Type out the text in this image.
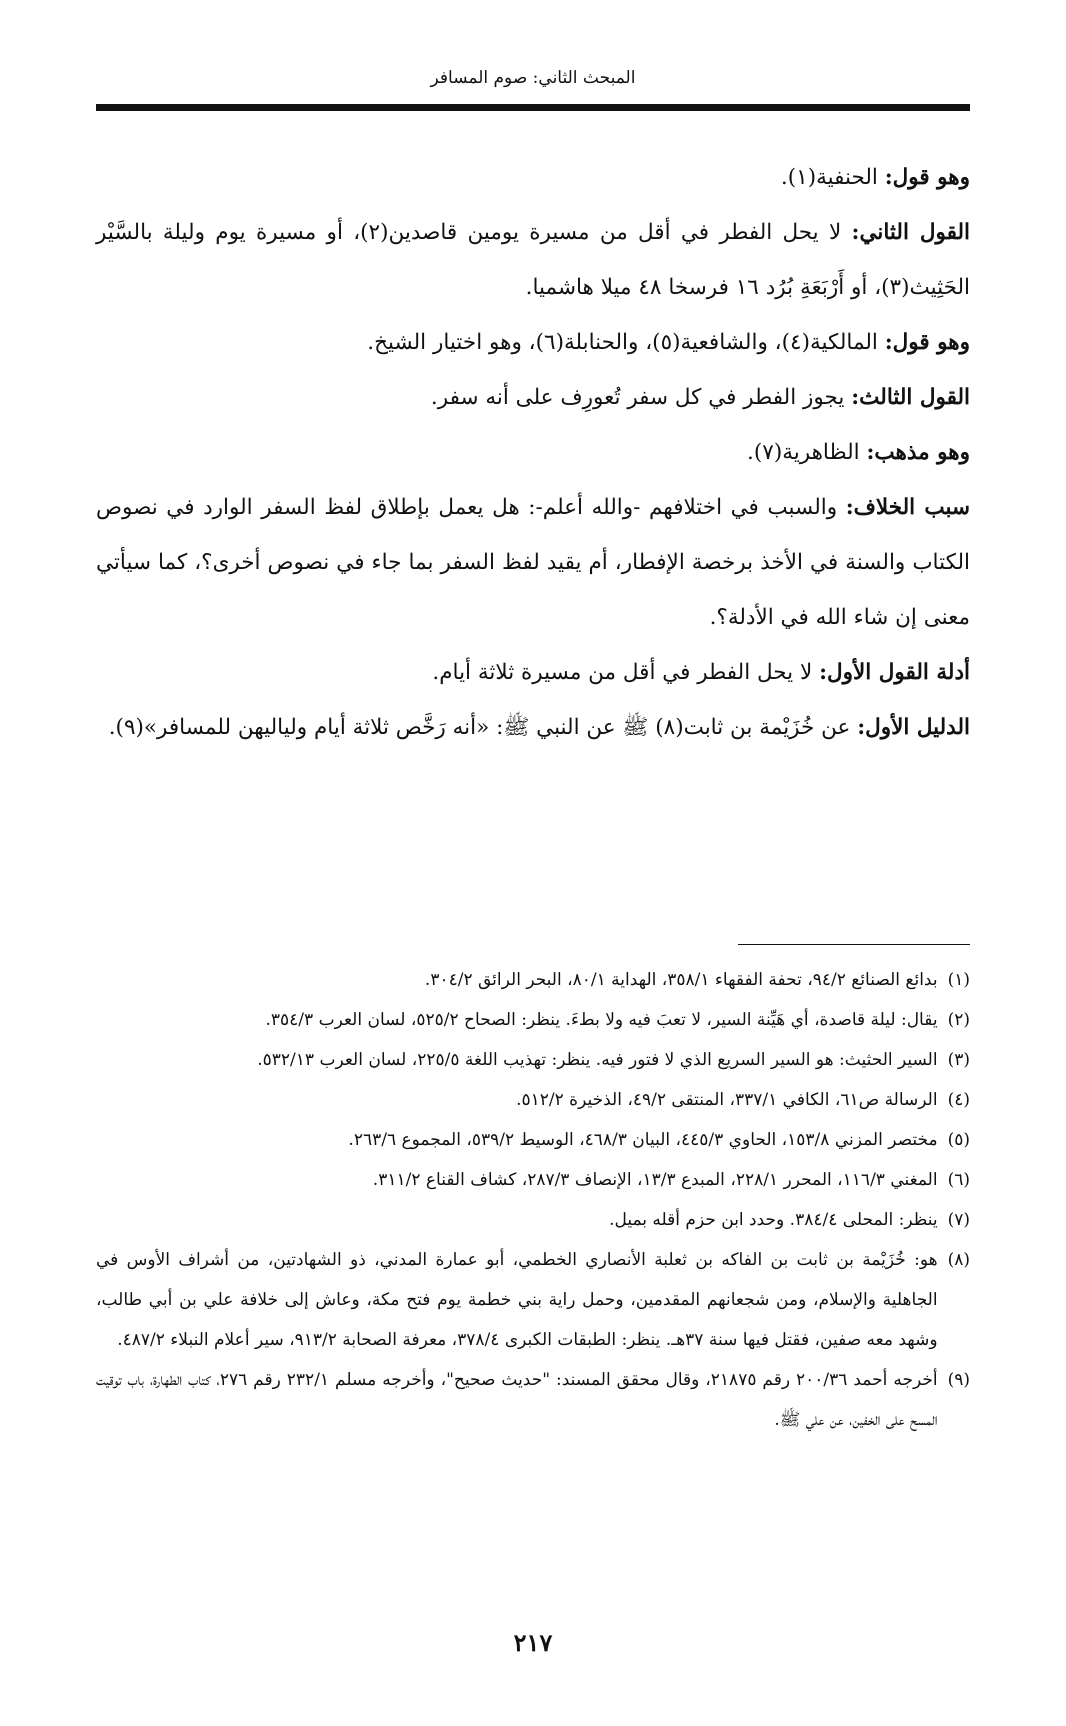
المبحث الثاني: صوم المسافر

وهو قول: الحنفية(١).

القول الثاني: لا يحل الفطر في أقل من مسيرة يومين قاصدين(٢)، أو مسيرة يوم وليلة بالسَّيْر الحَثِيث(٣)، أو أَرْبَعَةِ بُرُد ١٦ فرسخا ٤٨ ميلا هاشميا.

وهو قول: المالكية(٤)، والشافعية(٥)، والحنابلة(٦)، وهو اختيار الشيخ.

القول الثالث: يجوز الفطر في كل سفر تُعورِف على أنه سفر.

وهو مذهب: الظاهرية(٧).

سبب الخلاف: والسبب في اختلافهم -والله أعلم-: هل يعمل بإطلاق لفظ السفر الوارد في نصوص الكتاب والسنة في الأخذ برخصة الإفطار، أم يقيد لفظ السفر بما جاء في نصوص أخرى؟، كما سيأتي معنى إن شاء الله في الأدلة؟.

أدلة القول الأول: لا يحل الفطر في أقل من مسيرة ثلاثة أيام.

الدليل الأول: عن خُزَيْمة بن ثابت(٨) ﷺ عن النبي ﷺ: «أنه رَخَّص ثلاثة أيام ولياليهن للمسافر»(٩).

(١)
بدائع الصنائع ٩٤/٢، تحفة الفقهاء ٣٥٨/١، الهداية ٨٠/١، البحر الرائق ٣٠٤/٢.

(٢)
يقال: ليلة قاصدة، أي هَيِّنة السير، لا تعبَ فيه ولا بطءَ. ينظر: الصحاح ٥٢٥/٢، لسان العرب ٣٥٤/٣.

(٣)
السير الحثيث: هو السير السريع الذي لا فتور فيه. ينظر: تهذيب اللغة ٢٢٥/٥، لسان العرب ٥٣٢/١٣.

(٤)
الرسالة ص٦١، الكافي ٣٣٧/١، المنتقى ٤٩/٢، الذخيرة ٥١٢/٢.

(٥)
مختصر المزني ١٥٣/٨، الحاوي ٤٤٥/٣، البيان ٤٦٨/٣، الوسيط ٥٣٩/٢، المجموع ٢٦٣/٦.

(٦)
المغني ١١٦/٣، المحرر ٢٢٨/١، المبدع ١٣/٣، الإنصاف ٢٨٧/٣، كشاف القناع ٣١١/٢.

(٧)
ينظر: المحلى ٣٨٤/٤. وحدد ابن حزم أقله بميل.

(٨)
هو: خُزَيْمة بن ثابت بن الفاكه بن ثعلبة الأنصاري الخطمي، أبو عمارة المدني، ذو الشهادتين، من أشراف الأوس في الجاهلية والإسلام، ومن شجعانهم المقدمين، وحمل راية بني خطمة يوم فتح مكة، وعاش إلى خلافة علي بن أبي طالب، وشهد معه صفين، فقتل فيها سنة ٣٧هـ. ينظر: الطبقات الكبرى ٣٧٨/٤، معرفة الصحابة ٩١٣/٢، سير أعلام النبلاء ٤٨٧/٢.

(٩)
أخرجه أحمد ٢٠٠/٣٦ رقم ٢١٨٧٥، وقال محقق المسند: "حديث صحيح"، وأخرجه مسلم ٢٣٢/١ رقم ٢٧٦، كتاب الطهارة، باب توقيت المسح على الخفين، عن علي ﷺ.

٢١٧
